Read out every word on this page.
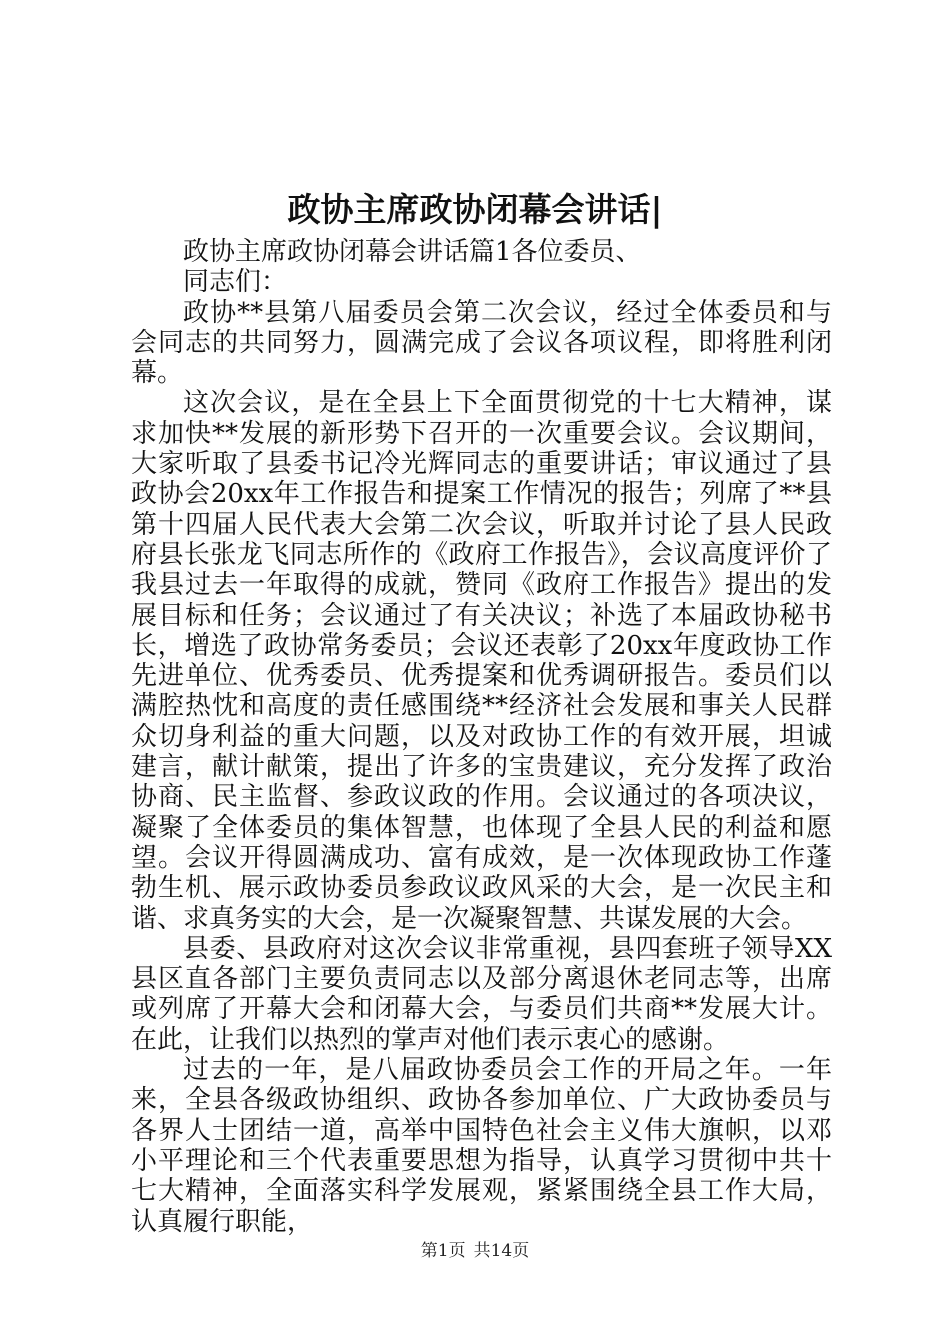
政协主席政协闭幕会讲话|

政协主席政协闭幕会讲话篇1各位委员、

同志们：

政协**县第八届委员会第二次会议，经过全体委员和与会同志的共同努力，圆满完成了会议各项议程，即将胜利闭幕。

这次会议，是在全县上下全面贯彻党的十七大精神，谋求加快**发展的新形势下召开的一次重要会议。会议期间，大家听取了县委书记冷光辉同志的重要讲话；审议通过了县政协会20xx年工作报告和提案工作情况的报告；列席了**县第十四届人民代表大会第二次会议，听取并讨论了县人民政府县长张龙飞同志所作的《政府工作报告》，会议高度评价了我县过去一年取得的成就，赞同《政府工作报告》提出的发展目标和任务；会议通过了有关决议；补选了本届政协秘书长，增选了政协常务委员；会议还表彰了20xx年度政协工作先进单位、优秀委员、优秀提案和优秀调研报告。委员们以满腔热忱和高度的责任感围绕**经济社会发展和事关人民群众切身利益的重大问题，以及对政协工作的有效开展，坦诚建言，献计献策，提出了许多的宝贵建议，充分发挥了政治协商、民主监督、参政议政的作用。会议通过的各项决议，凝聚了全体委员的集体智慧，也体现了全县人民的利益和愿望。会议开得圆满成功、富有成效，是一次体现政协工作蓬勃生机、展示政协委员参政议政风采的大会，是一次民主和谐、求真务实的大会，是一次凝聚智慧、共谋发展的大会。

县委、县政府对这次会议非常重视，县四套班子领导XX县区直各部门主要负责同志以及部分离退休老同志等，出席或列席了开幕大会和闭幕大会，与委员们共商**发展大计。在此，让我们以热烈的掌声对他们表示衷心的感谢。

过去的一年，是八届政协委员会工作的开局之年。一年来，全县各级政协组织、政协各参加单位、广大政协委员与各界人士团结一道，高举中国特色社会主义伟大旗帜，以邓小平理论和三个代表重要思想为指导，认真学习贯彻中共十七大精神，全面落实科学发展观，紧紧围绕全县工作大局，认真履行职能，

第1页 共14页
